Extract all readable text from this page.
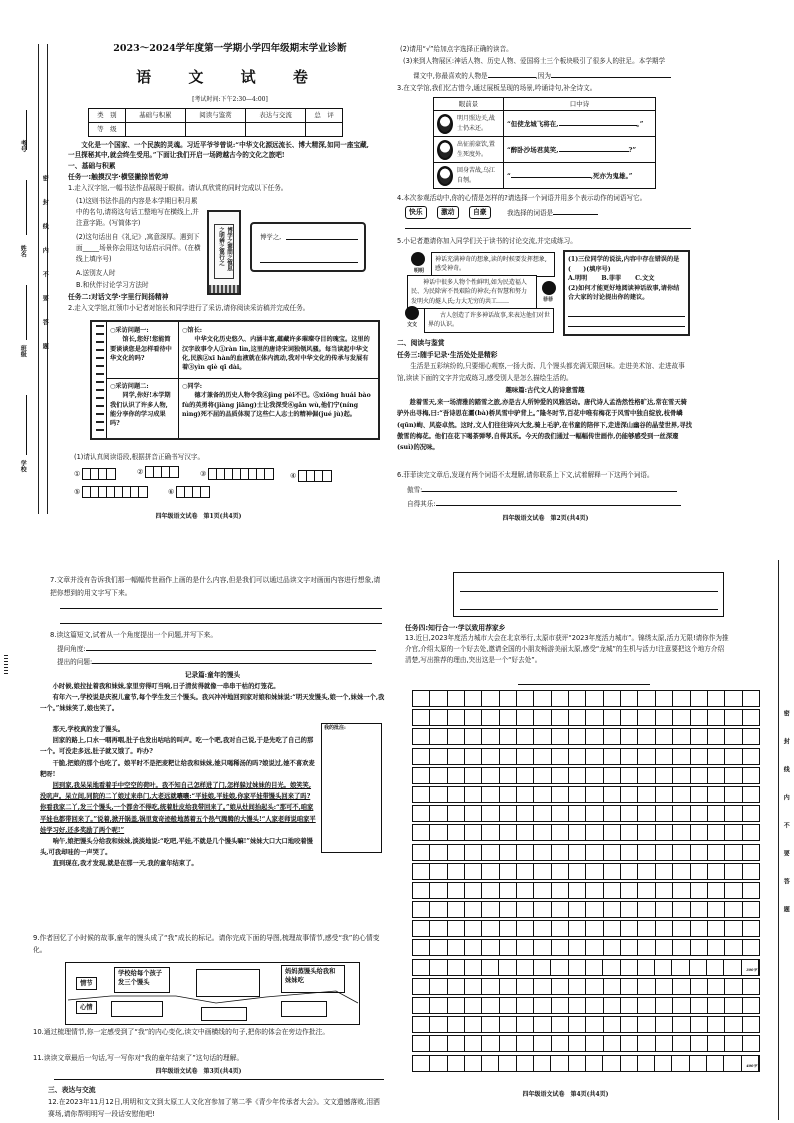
考号
姓名
班级
学校
密封线内不要答题
2023～2024学年度第一学期小学四年级期末学业诊断
语 文 试 卷
[考试时间:下午2:30—4:00]
类　别	基础与积累	阅读与鉴赏	表达与交流	总　评
等　级				
文化是一个国家、一个民族的灵魂。习近平爷爷曾说:“中华文化源远流长、博大精深,如同一座宝藏,一旦探秘其中,就会终生受用。”下面让我们开启一场跨越古今的文化之旅吧!
一、基础与积累
任务一:触摸汉字·横竖撇捺皆乾坤
1.走入汉字馆,一幅书法作品展现于眼前。请认真欣赏的同时完成以下任务。
(1)这则书法作品的内容是本学期日积月累中的名句,请将这句话工整地写在横线上,并注意字距。(写简体字)
(2)这句话出自《礼记》,寓意深厚。遇到下面_____场景你会用这句话启示同伴。(在横线上填序号)
A.送别友人时
B.和伙伴讨论学习方法时
博学之審問之慎思之明辨之篤行之	博学之,
任务二:对话文学·字里行间扬精神
2.走入文学馆,红领巾小记者对馆长和同学进行了采访,请你阅读采访稿并完成任务。
○采访问题一:
馆长,您好!您能简要谈谈您是怎样看待中华文化的吗?
○馆长:
中华文化历史悠久、内涵丰富,蕴藏许多璀璨夺目的瑰宝。这里的汉字故事令人①ràn lìn,这里的唐诗宋词独领风骚。每当读起中华文化,民族②xī hàn的血液就在体内流动,我对中华文化的传承与发展有着③yìn qiè qī dài。
○采访问题二:
同学,你好!本学期我们认识了许多人物,能分享你的学习成果吗?
○同学:
德才兼备的历史人物令我④jìng pèi不已。⑤xiōng huái bào fù的英勇将(jiàng jiāng)士让我深受⑥gǎn wù,他们宁(níng nìng)死不屈的品质体现了这些仁人志士的精神倔(jué jù)起。
(1)请认真阅读语段,根据拼音正确书写汉字。
①	②	③	④
⑤	⑥
四年级语文试卷　第1页(共4页)
(2)请用“√”给加点字选择正确的读音。
(3)来到人物展区:神话人物、历史人物、爱国将士三个板块吸引了很多人的驻足。本学期学
课文中,你最喜欢的人物是	,因为
3.在文学馆,我们忆古惜今,通过展板呈现的场景,吟诵诗句,补全诗文。
眼前景	口中诗
明月照边关,战士仍未还。	“但使龙城飞将在, 。”
出征前豪饮,置生死度外。	“醉卧沙场君莫笑, ?”
回身苦战,乌江自刎。	“ ,死亦为鬼雄。”
4.本次参观活动中,你的心情是怎样的?请选择一个词语并用多个表示动作的词语写它。
快乐	激动	自豪	我选择的词语是
5.小记者邀请你加入同学们关于读书的讨论交流,并完成练习。
明明
神话充满神奇的想象,读的时候要发挥想象,感受神奇。
神话中很多人物个性鲜明,如为民造福人民、为民除害不畏艰险的神农;有智慧和努力发明火的燧人氏;力大无穷的共工……	菲菲
文文
古人创造了许多神话故事,来表达他们对世界的认识。
(1)三位同学的说法,内容中存在错误的是(　　)(填序号)
A.明明 B.菲菲 C.文文
(2)如何才能更好地阅读神话故事,请你结合大家的讨论提出你的建议。
二、阅读与鉴赏
任务三:随手记录·生活处处是精彩
生活是五彩缤纷的,只要细心观察,一扬大街、几个馒头都充满无限回味。走进美术馆、走进故事馆,读读下面的文字并完成练习,感受别人是怎么描绘生活的。
趣味篇:古代文人的诗意雪趣
趁着雪天,来一场清雅的踏雪之旅,亦是古人所钟爱的风雅活动。唐代诗人孟浩然性格旷达,常在雪天骑驴外出寻梅,曰:“吾诗思在灞(bà)桥风雪中驴背上。”隆冬时节,百花中唯有梅花于风雪中独自绽放,枝骨嶙(qūn)峋、风姿卓然。这时,文人们往往诗兴大发,骑上毛驴,在书童的陪伴下,走进深山幽谷的晶莹世界,寻找傲雪的梅花。他们在花下喝茶弹琴,自得其乐。今天的我们通过一幅幅传世画作,仍能够感受到一丝深邃(suì)的况味。
6.菲菲读完文章后,发现有两个词语不太理解,请你联系上下文,试着解释一下这两个词语。
傲雪:
自得其乐:
四年级语文试卷　第2页(共4页)
7.文章并没有告诉我们那一幅幅传世画作上画的是什么内容,但是我们可以通过品读文字对画面内容进行想象,请把你想到的用文字写下来。
8.读这篇短文,试着从一个角度提出一个问题,并写下来。
提问角度:
提出的问题:
记录篇:童年的馒头

小时候,娘拉扯着我和妹妹,家里穷得叮当响,日子清贫得就像一串串干枯的灯笼花。

有年六一,学校说是庆祝儿童节,每个学生发三个馒头。我兴冲冲地回到家对娘和妹妹说:“明天发馒头,娘一个,妹妹一个,我一个。”妹妹笑了,娘也笑了。

那天,学校真的发了馒头。

回家的路上,口水一咽再咽,肚子也发出咕咕的叫声。吃一个吧,我对自己说,于是先吃了自己的那一个。可没走多远,肚子就又饿了。咋办?

干脆,把娘的那个也吃了。娘平时不是把麦粑让给我和妹妹,她只喝稀汤的吗?娘说过,她不喜欢麦粑呀!

回到家,我呆呆地看着手中空空的荷叶。我不知自己怎样进了门,怎样躲过妹妹的目光。娘笑笑,没吭声。呆立间,同院的二丫娘过来串门,大老远就嚷嚷:“平娃娘,平娃娘,你家平娃带馒头回来了吗?你看我家二丫,发三个馒头,一个都舍不得吃,统着肚皮给我带回来了。”娘从灶间抬起头:“那可不,咱家平娃也都带回来了。”说着,掀开锅盖,锅里竟奇迹般地蒸着五个热气腾腾的大馒头!“人家老师说咱家平娃学习好,还多奖励了两个呢!”

响午,娘把馒头分给我和妹妹,淡淡地说:“吃吧,平娃,不就是几个馒头嘛!”妹妹大口大口地咬着馒头,可我却哇的一声哭了。

直到现在,我才发现,就是在那一天,我的童年结束了。

我的批注:
9.作者回忆了小时候的故事,童年的馒头成了“我”成长的标记。请你完成下面的导图,梳理故事情节,感受“我”的心情变化。
情节
心情
学校给每个孩子发三个馒头
妈妈蒸馒头给我和妹妹吃
10.通过梳理情节,你一定感受到了“我”的内心变化,读文中画横线的句子,把你的体会在旁边作批注。
11.读读文章最后一句话,写一写你对“我的童年结束了”这句话的理解。
三、表达与交流
12.在2023年11月12日,明明和文文到太原工人文化宫参加了第二季《青少年传承者大会》。文文遗憾落败,泪洒赛场,请你帮明明写一段话安慰他吧!
四年级语文试卷　第3页(共4页)
任务四:知行合一·学以致用荐家乡
13.近日,2023年度活力城市大会在北京举行,太原市获评“2023年度活力城市”。锦绣太原,活力无限!请你作为推介官,介绍太原的一个好去处,邀请全国的小朋友畅游美丽太原,感受“龙城”的生机与活力!注意要把这个地方介绍清楚,写出推荐的理由,突出这是一个“好去处”。
300字
400字
密封线内不要答题
四年级语文试卷　第4页(共4页)
